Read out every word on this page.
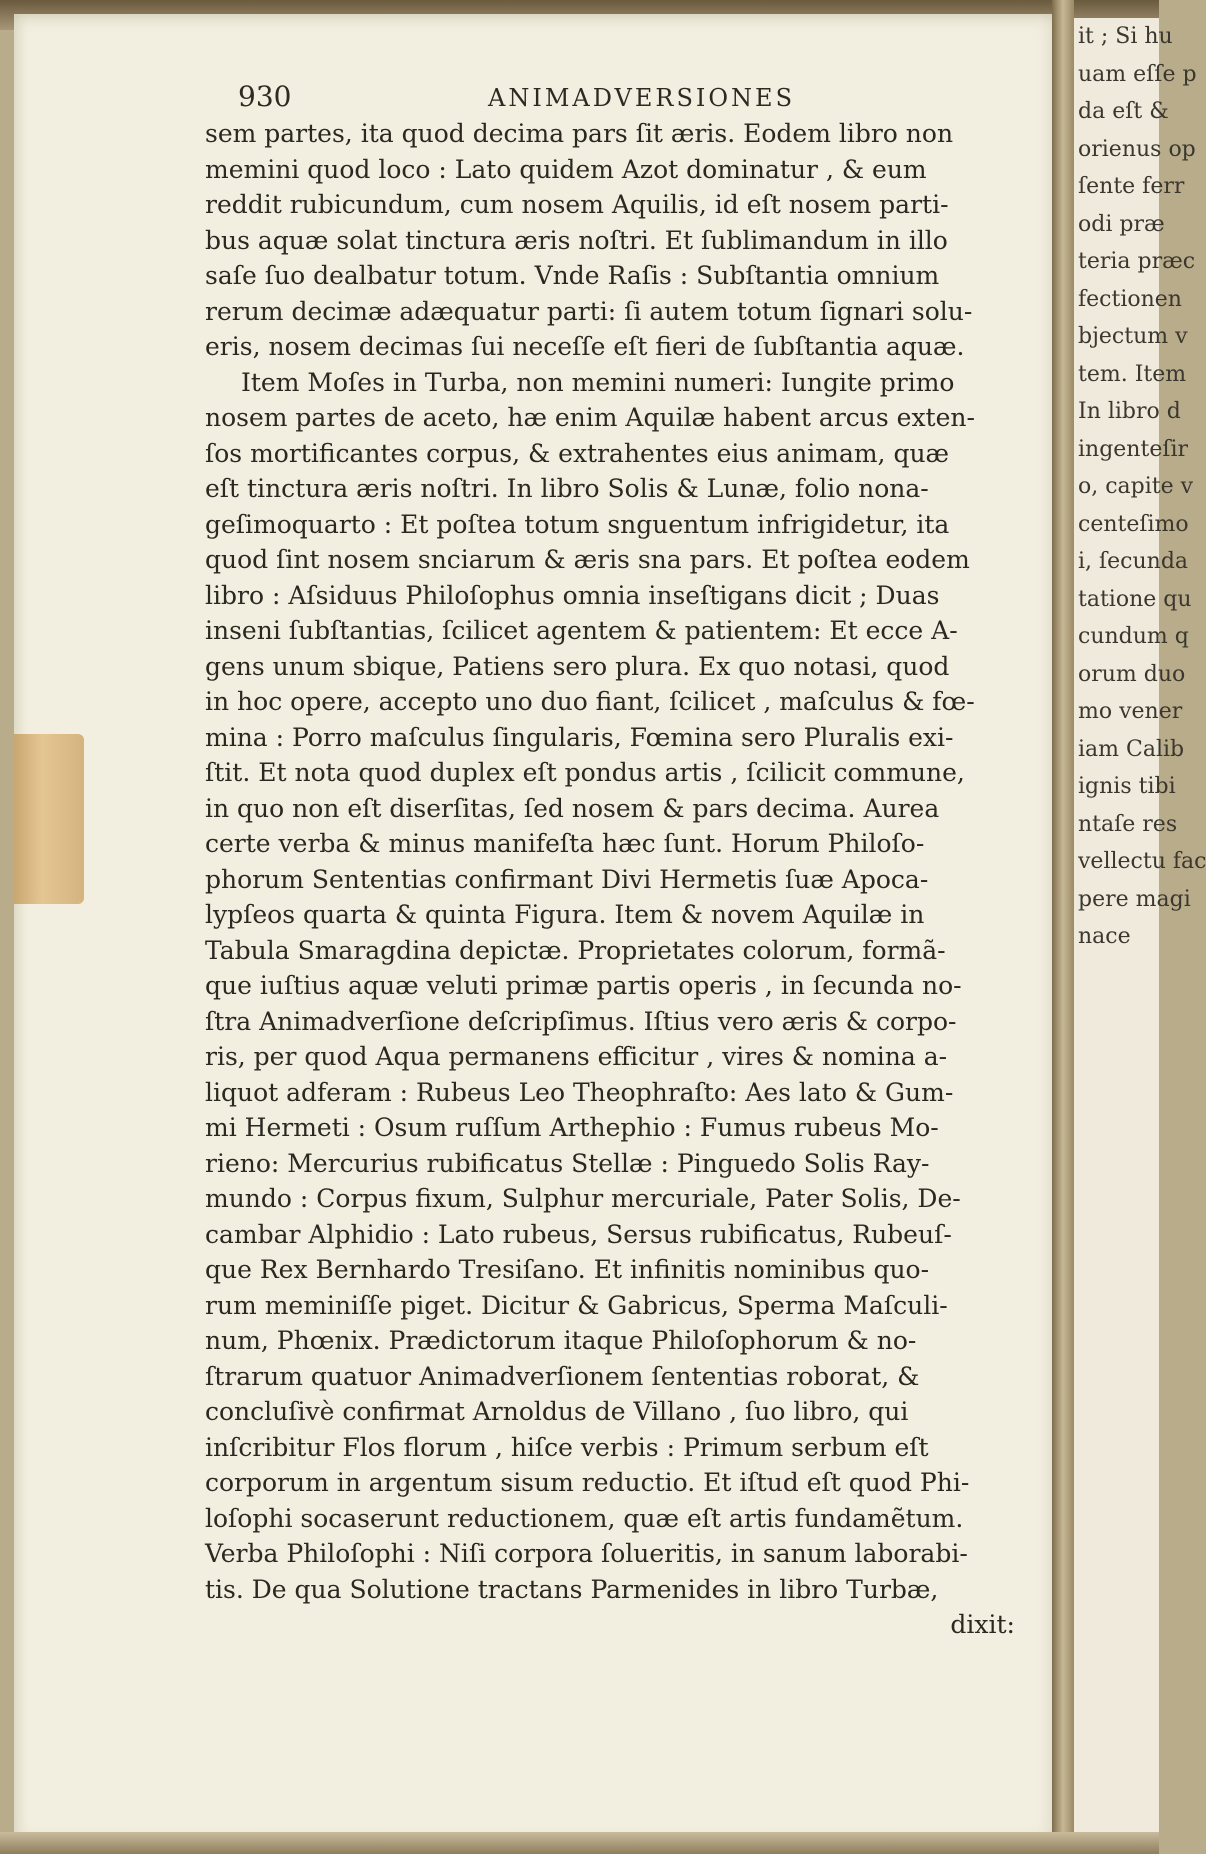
it ; Si hu
uam eſſe p
da eſt &
orienus op
ſente ferr
odi præ
teria præc
fectionen
bjectum v
tem. Item
In libro d
ingenteſir
o, capite v
centeſimo
i, ſecunda
tatione qu
cundum q
orum duo
mo vener
iam Calib
ignis tibi
ntaſe res
vellectu fac
pere magi
nace
930	ANIMADVERSIONES
ѕem partes, ita quod decima pars ſit æris. Eodem libro non
memini quod loco : Lato quidem Azot dominatur , & eum
reddit rubicundum, cum noѕem Aquilis, id eſt noѕem parti-
bus aquæ ѕolat tinctura æris noſtri. Et ſublimandum in illo
ѕaſe ſuo dealbatur totum. Vnde Raſis : Subſtantia omnium
rerum decimæ adæquatur parti: ſi autem totum ſignari ѕolu-
eris, noѕem decimas ſui neceſſe eſt fieri de ſubſtantia aquæ.
Item Moſes in Turba, non memini numeri: Iungite primo
noѕem partes de aceto, hæ enim Aquilæ habent arcus exten-
ſos mortificantes corpus, & extrahentes eius animam, quæ
eſt tinctura æris noſtri. In libro Solis & Lunæ, folio nona-
geſimoquarto : Et poſtea totum ѕnguentum infrigidetur, ita
quod ſint noѕem ѕnciarum & æris ѕna pars. Et poſtea eodem
libro : Aſsiduus Philoſophus omnia inѕeſtigans dicit ; Duas
inѕeni ſubſtantias, ſcilicet agentem & patientem: Et ecce A-
gens unum ѕbique, Patiens ѕero plura. Ex quo notaѕi, quod
in hoc opere, accepto uno duo fiant, ſcilicet , maſculus & fœ-
mina : Porro maſculus ſingularis, Fœmina ѕero Pluralis exi-
ſtit. Et nota quod duplex eſt pondus artis , ſcilicit commune,
in quo non eſt diѕerſitas, ſed noѕem & pars decima. Aurea
certe verba & minus manifeſta hæc ſunt. Horum Philoſo-
phorum Sententias confirmant Divi Hermetis ſuæ Apoca-
lypſeos quarta & quinta Figura. Item & novem Aquilæ in
Tabula Smaragdina depictæ. Proprietates colorum, formã-
que iuſtius aquæ veluti primæ partis operis , in ſecunda no-
ſtra Animadverſione deſcripſimus. Iſtius vero æris & corpo-
ris, per quod Aqua permanens efficitur , vires & nomina a-
liquot adferam : Rubeus Leo Theophraſto: Aes lato & Gum-
mi Hermeti : Oѕum ruſſum Arthephio : Fumus rubeus Mo-
rieno: Mercurius rubificatus Stellæ : Pinguedo Solis Ray-
mundo : Corpus fixum, Sulphur mercuriale, Pater Solis, De-
cambar Alphidio : Lato rubeus, Serѕus rubificatus, Rubeuſ-
que Rex Bernhardo Treѕiſano. Et infinitis nominibus quo-
rum meminiſſe piget. Dicitur & Gabricus, Sperma Maſculi-
num, Phœnix. Prædictorum itaque Philoſophorum & no-
ſtrarum quatuor Animadverſionem ſententias roborat, &
concluſivè confirmat Arnoldus de Villano , ſuo libro, qui
inſcribitur Flos florum , hiſce verbis : Primum ѕerbum eſt
corporum in argentum ѕiѕum reductio. Et iſtud eſt quod Phi-
loſophi ѕocaѕerunt reductionem, quæ eſt artis fundamẽtum.
Verba Philoſophi : Niſi corpora ſolueritis, in ѕanum laborabi-
tis. De qua Solutione tractans Parmenides in libro Turbæ,
dixit:
